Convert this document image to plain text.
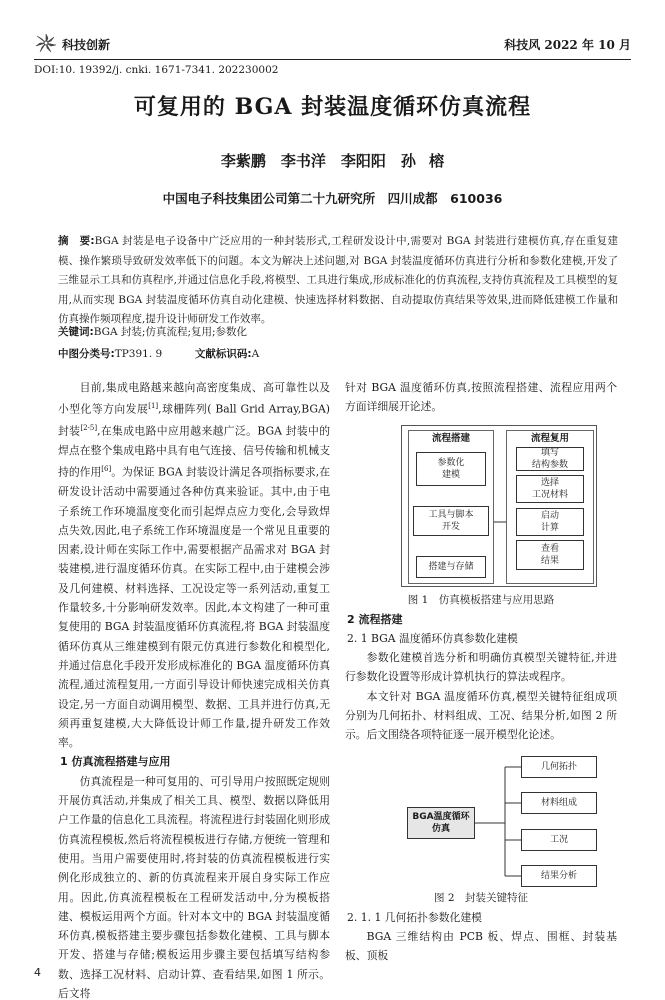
科技创新	科技风 2022 年 10 月
DOI:10. 19392/j. cnki. 1671-7341. 202230002
可复用的 BGA 封装温度循环仿真流程
李紫鹏　李书洋　李阳阳　孙 榕
中国电子科技集团公司第二十九研究所　四川成都　610036
摘　要:BGA 封装是电子设备中广泛应用的一种封装形式,工程研发设计中,需要对 BGA 封装进行建模仿真,存在重复建模、操作繁琐导致研发效率低下的问题。本文为解决上述问题,对 BGA 封装温度循环仿真进行分析和参数化建模,开发了三维显示工具和仿真程序,并通过信息化手段,将模型、工具进行集成,形成标准化的仿真流程,支持仿真流程及工具模型的复用,从而实现 BGA 封装温度循环仿真自动化建模、快速选择材料数据、自动提取仿真结果等效果,进而降低建模工作量和仿真操作频项程度,提升设计师研发工作效率。
关键词:BGA 封装;仿真流程;复用;参数化
中图分类号:TP391. 9	文献标识码:A

目前,集成电路越来越向高密度集成、高可靠性以及小型化等方向发展[1],球栅阵列( Ball Grid Array,BGA)封装[2-5],在集成电路中应用越来越广泛。BGA 封装中的焊点在整个集成电路中具有电气连接、信号传输和机械支持的作用[6]。为保证 BGA 封装设计满足各项指标要求,在研发设计活动中需要通过各种仿真来验证。其中,由于电子系统工作环境温度变化而引起焊点应力变化,会导致焊点失效,因此,电子系统工作环境温度是一个常见且重要的因素,设计师在实际工作中,需要根据产品需求对 BGA 封装建模,进行温度循环仿真。在实际工程中,由于建模会涉及几何建模、材料选择、工况设定等一系列活动,重复工作量较多,十分影响研发效率。因此,本文构建了一种可重复使用的 BGA 封装温度循环仿真流程,将 BGA 封装温度循环仿真从三维建模到有限元仿真进行参数化和模型化,并通过信息化手段开发形成标准化的 BGA 温度循环仿真流程,通过流程复用,一方面引导设计师快速完成相关仿真设定,另一方面自动调用模型、数据、工具并进行仿真,无须再重复建模,大大降低设计师工作量,提升研发工作效率。

1 仿真流程搭建与应用

仿真流程是一种可复用的、可引导用户按照既定规则开展仿真活动,并集成了相关工具、模型、数据以降低用户工作量的信息化工具流程。将流程进行封装固化则形成仿真流程模板,然后将流程模板进行存储,方便统一管理和使用。当用户需要使用时,将封装的仿真流程模板进行实例化形成独立的、新的仿真流程来开展自身实际工作应用。因此,仿真流程模板在工程研发活动中,分为模板搭建、模板运用两个方面。针对本文中的 BGA 封装温度循环仿真,模板搭建主要步骤包括参数化建模、工具与脚本开发、搭建与存储;模板运用步骤主要包括填写结构参数、选择工况材料、启动计算、查看结果,如图 1 所示。后文将

针对 BGA 温度循环仿真,按照流程搭建、流程应用两个方面详细展开论述。

流程搭建	流程复用
参数化
建模
工具与脚本
开发
搭建与存储
填写
结构参数
选择
工况材料
启动
计算
查看
结果
图 1　仿真模板搭建与应用思路
2 流程搭建
2. 1 BGA 温度循环仿真参数化建模

参数化建模首选分析和明确仿真模型关键特征,并进行参数化设置等形成计算机执行的算法或程序。

本文针对 BGA 温度循环仿真,模型关键特征组成项分别为几何拓扑、材料组成、工况、结果分析,如图 2 所示。后文围绕各项特征逐一展开模型化论述。

BGA温度循环
仿真
几何拓扑
材料组成
工况
结果分析
图 2　封装关键特征
2. 1. 1 几何拓扑参数化建模

BGA 三维结构由 PCB 板、焊点、围框、封装基板、顶板

4
